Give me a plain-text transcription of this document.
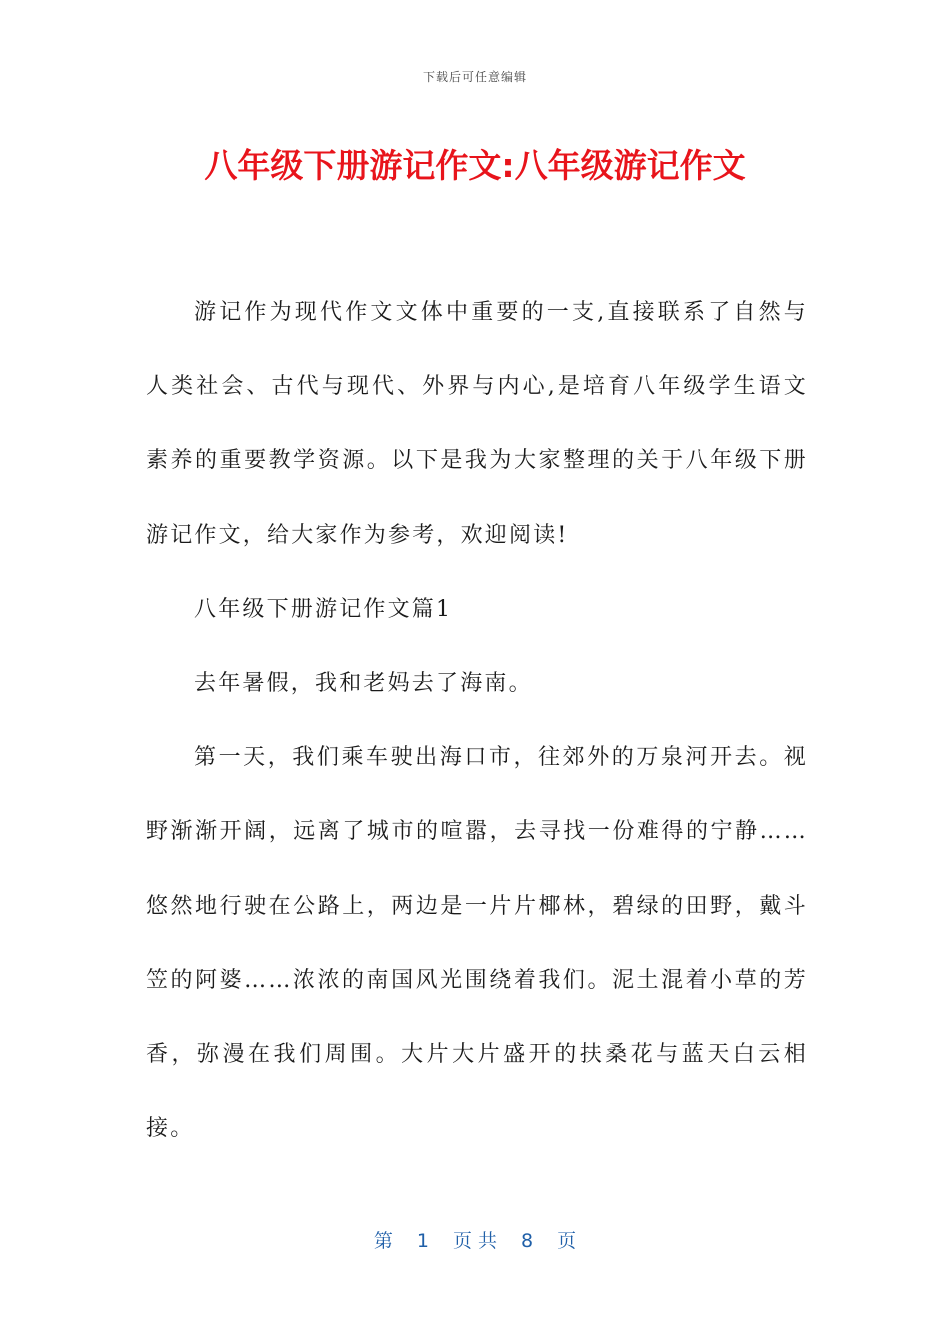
下载后可任意编辑
八年级下册游记作文:八年级游记作文

游记作为现代作文文体中重要的一支,直接联系了自然与人类社会、古代与现代、外界与内心,是培育八年级学生语文素养的重要教学资源。以下是我为大家整理的关于八年级下册游记作文，给大家作为参考，欢迎阅读!

八年级下册游记作文篇1

去年暑假，我和老妈去了海南。

第一天，我们乘车驶出海口市，往郊外的万泉河开去。视野渐渐开阔，远离了城市的喧嚣，去寻找一份难得的宁静……悠然地行驶在公路上，两边是一片片椰林，碧绿的田野，戴斗笠的阿婆……浓浓的南国风光围绕着我们。泥土混着小草的芳香，弥漫在我们周围。大片大片盛开的扶桑花与蓝天白云相接。

第 1 页 共 8 页
